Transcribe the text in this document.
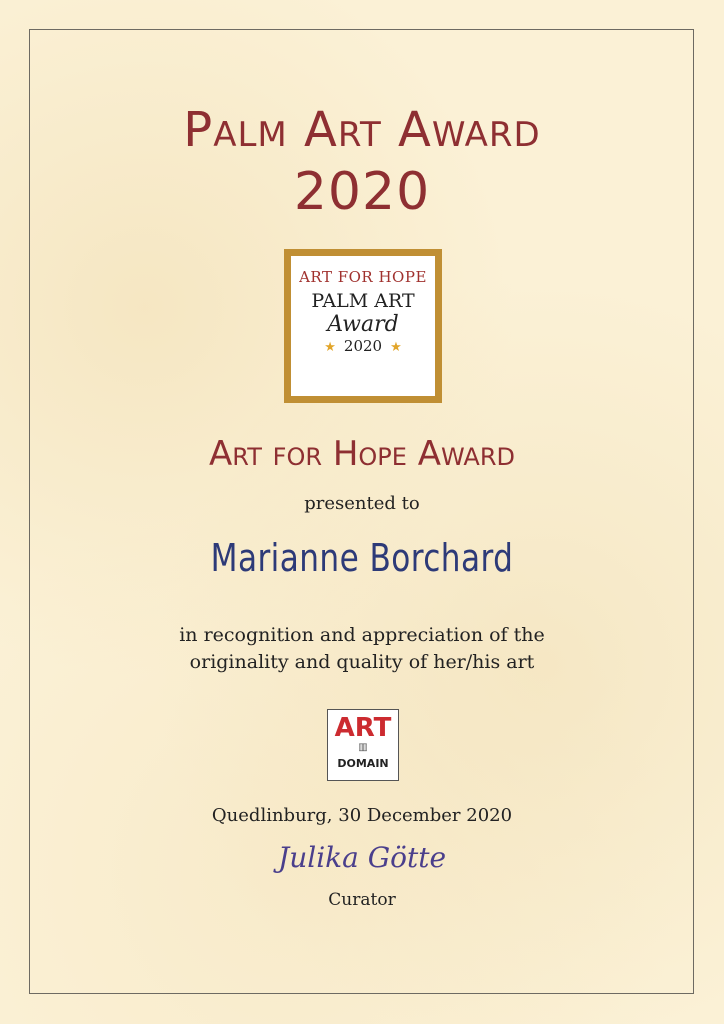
Palm Art Award
2020
ART FOR HOPE
PALM ART
Award
★ 2020 ★
Art for Hope Award
presented to
Marianne Borchard
in recognition and appreciation of the
originality and quality of her/his art
ART
▥
DOMAIN
Quedlinburg, 30 December 2020
Julika Götte
Curator
